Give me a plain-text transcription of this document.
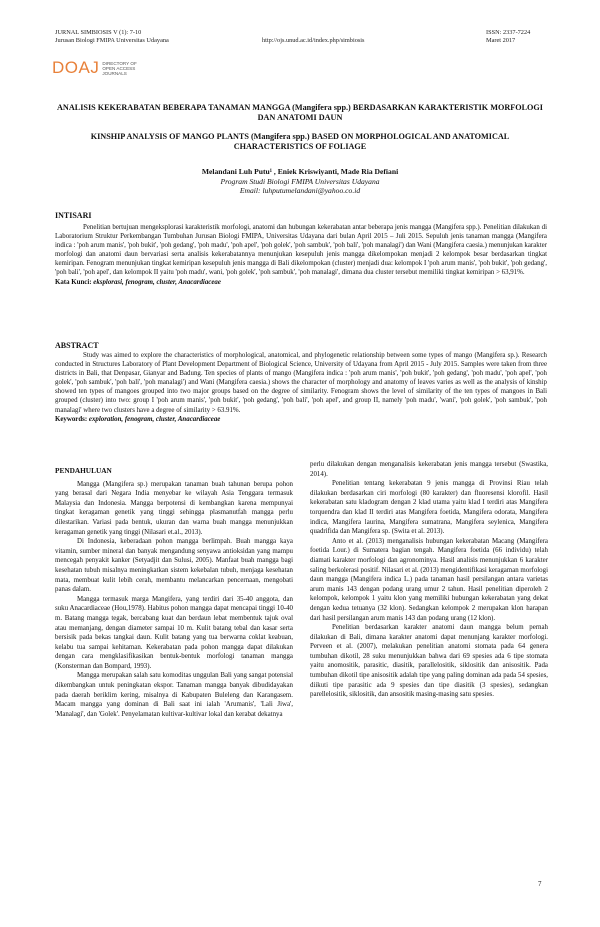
JURNAL SIMBIOSIS V (1): 7-10
Jurusan Biologi FMIPA Universitas Udayana	http://ojs.unud.ac.id/index.php/simbiosis
ISSN: 2337-7224
Maret 2017
DOAJ DIRECTORY OF
OPEN ACCESS
JOURNALS
ANALISIS KEKERABATAN BEBERAPA TANAMAN MANGGA (Mangifera spp.) BERDASARKAN KARAKTERISTIK MORFOLOGI DAN ANATOMI DAUN
KINSHIP ANALYSIS OF MANGO PLANTS (Mangifera spp.) BASED ON MORPHOLOGICAL AND ANATOMICAL CHARACTERISTICS OF FOLIAGE
Melandani Luh Putu¹ , Eniek Kriswiyanti, Made Ria Defiani
Program Studi Biologi FMIPA Universitas Udayana
Email: luhputumelandani@yahoo.co.id
INTISARI

Penelitian bertujuan mengeksplorasi karakteristik morfologi, anatomi dan hubungan kekerabatan antar beberapa jenis mangga (Mangifera spp.). Penelitian dilakukan di Laboratorium Struktur Perkembangan Tumbuhan Jurusan Biologi FMIPA, Universitas Udayana dari bulan April 2015 – Juli 2015. Sepuluh jenis tanaman mangga (Mangifera indica : 'poh arum manis', 'poh bukit', 'poh gedang', 'poh madu', 'poh apel', 'poh golek', 'poh sambuk', 'poh bali', 'poh manalagi') dan Wani (Mangifera caesia.) menunjukan karakter morfologi dan anatomi daun bervariasi serta analisis kekerabatannya menunjukan kesepuluh jenis mangga dikelompokan menjadi 2 kelompok besar berdasarkan tingkat kemiripan. Fenogram menunjukan tingkat kemiripan kesepuluh jenis mangga di Bali dikelompokan (cluster) menjadi dua: kelompok I 'poh arum manis', 'poh bukit', 'poh gedang', 'poh bali', 'poh apel', dan kelompok II yaitu 'poh madu', wani, 'poh golek', 'poh sambuk', 'poh manalagi', dimana dua cluster tersebut memiliki tingkat kemiripan > 63,91%.

Kata Kunci: eksplorasi, fenogram, cluster, Anacardiaceae

ABSTRACT

Study was aimed to explore the characteristics of morphological, anatomical, and phylogenetic relationship between some types of mango (Mangifera sp.). Research conducted in Structures Laboratory of Plant Development Department of Biological Science, University of Udayana from April 2015 - July 2015. Samples were taken from three districts in Bali, that Denpasar, Gianyar and Badung. Ten species of plants of mango (Mangifera indica : 'poh arum manis', 'poh bukit', 'poh gedang', 'poh madu', 'poh apel', 'poh golek', 'poh sambuk', 'poh bali', 'poh manalagi') and Wani (Mangifera caesia.) shows the character of morphology and anatomy of leaves varies as well as the analysis of kinship showed ten types of mangoes grouped into two major groups based on the degree of similarity. Fenogram shows the level of similarity of the ten types of mangoes in Bali grouped (cluster) into two: group I 'poh arum manis', 'poh bukit', 'poh gedang', 'poh bali', 'poh apel', and group II, namely 'poh madu', 'wani', 'poh golek', 'poh sambuk', 'poh manalagi' where two clusters have a degree of similarity > 63.91%.

Keywords: exploration, fenogram, cluster, Anacardiaceae

PENDAHULUAN

Mangga (Mangifera sp.) merupakan tanaman buah tahunan berupa pohon yang berasal dari Negara India menyebar ke wilayah Asia Tenggara termasuk Malaysia dan Indonesia. Mangga berpotensi di kembangkan karena mempunyai tingkat keragaman genetik yang tinggi sehingga plasmanutfah mangga perlu dilestarikan. Variasi pada bentuk, ukuran dan warna buah mangga menunjukkan keragaman genetik yang tinggi (Nilasari et.al., 2013).

Di Indonesia, keberadaan pohon mangga berlimpah. Buah mangga kaya vitamin, sumber mineral dan banyak mengandung senyawa antioksidan yang mampu mencegah penyakit kanker (Setyadjit dan Sulusi, 2005). Manfaat buah mangga bagi kesehatan tubuh misalnya meningkatkan sistem kekebalan tubuh, menjaga kesehatan mata, membuat kulit lebih cerah, membantu melancarkan pencernaan, mengobati panas dalam.

Mangga termasuk marga Mangifera, yang terdiri dari 35-40 anggota, dan suku Anacardiaceae (Hou,1978). Habitus pohon mangga dapat mencapai tinggi 10-40 m. Batang mangga tegak, bercabang kuat dan berdaun lebat membentuk tajuk oval atau memanjang, dengan diameter sampai 10 m. Kulit batang tebal dan kasar serta bersisik pada bekas tangkai daun. Kulit batang yang tua berwarna coklat keabuan, kelabu tua sampai kehitaman. Kekerabatan pada pohon mangga dapat dilakukan dengan cara mengklasifikasikan bentuk-bentuk morfologi tanaman mangga (Konsterman dan Bompard, 1993).

Mangga merupakan salah satu komoditas unggulan Bali yang sangat potensial dikembangkan untuk peningkatan ekspor. Tanaman mangga banyak dibudidayakan pada daerah beriklim kering, misalnya di Kabupaten Buleleng dan Karangasem. Macam mangga yang dominan di Bali saat ini ialah 'Arumanis', 'Lali Jiwa', 'Manalagi', dan 'Golek'. Penyelamatan kultivar-kultivar lokal dan kerabat dekatnya

perlu dilakukan dengan menganalisis kekerabatan jenis mangga tersebut (Swastika, 2014).

Penelitian tentang kekerabatan 9 jenis mangga di Provinsi Riau telah dilakukan berdasarkan ciri morfologi (80 karakter) dan fluoresensi klorofil. Hasil kekerabatan satu kladogram dengan 2 klad utama yaitu klad I terdiri atas Mangifera torquendra dan klad II terdiri atas Mangifera foetida, Mangifera odorata, Mangifera indica, Mangifera laurina, Mangifera sumatrana, Mangifera seylenica, Mangifera quadrifida dan Mangifera sp. (Swita et al. 2013).

Anto et al. (2013) menganalisis hubungan kekerabatan Macang (Mangifera foetida Lour.) di Sumatera bagian tengah. Mangifera foetida (66 individu) telah diamati karakter morfologi dan agronominya. Hasil analisis menunjukkan 6 karakter saling berkolerasi positif. Nilasari et al. (2013) mengidentifikasi keragaman morfologi daun mangga (Mangifera indica L.) pada tanaman hasil persilangan antara varietas arum manis 143 dengan podang urang umur 2 tahun. Hasil penelitian diperoleh 2 kelompok, kelompok 1 yaitu klon yang memiliki hubungan kekerabatan yang dekat dengan kedua tetuanya (32 klon). Sedangkan kelompok 2 merupakan klon harapan dari hasil persilangan arum manis 143 dan podang urang (12 klon).

Penelitian berdasarkan karakter anatomi daun mangga belum pernah dilakukan di Bali, dimana karakter anatomi dapat menunjang karakter morfologi. Perveen et al. (2007), melakukan penelitian anatomi stomata pada 64 genera tumbuhan dikotil, 28 suku menunjukkan bahwa dari 69 spesies ada 6 tipe stomata yaitu anomositik, parasitic, diasitik, parallelositik, siklositik dan anisositik. Pada tumbuhan dikotil tipe anisositik adalah tipe yang paling dominan ada pada 54 spesies, diikuti tipe parasitic ada 9 spesies dan tipe diasitik (3 spesies), sedangkan parellelositik, siklositik, dan ansositik masing-masing satu spesies.

7
